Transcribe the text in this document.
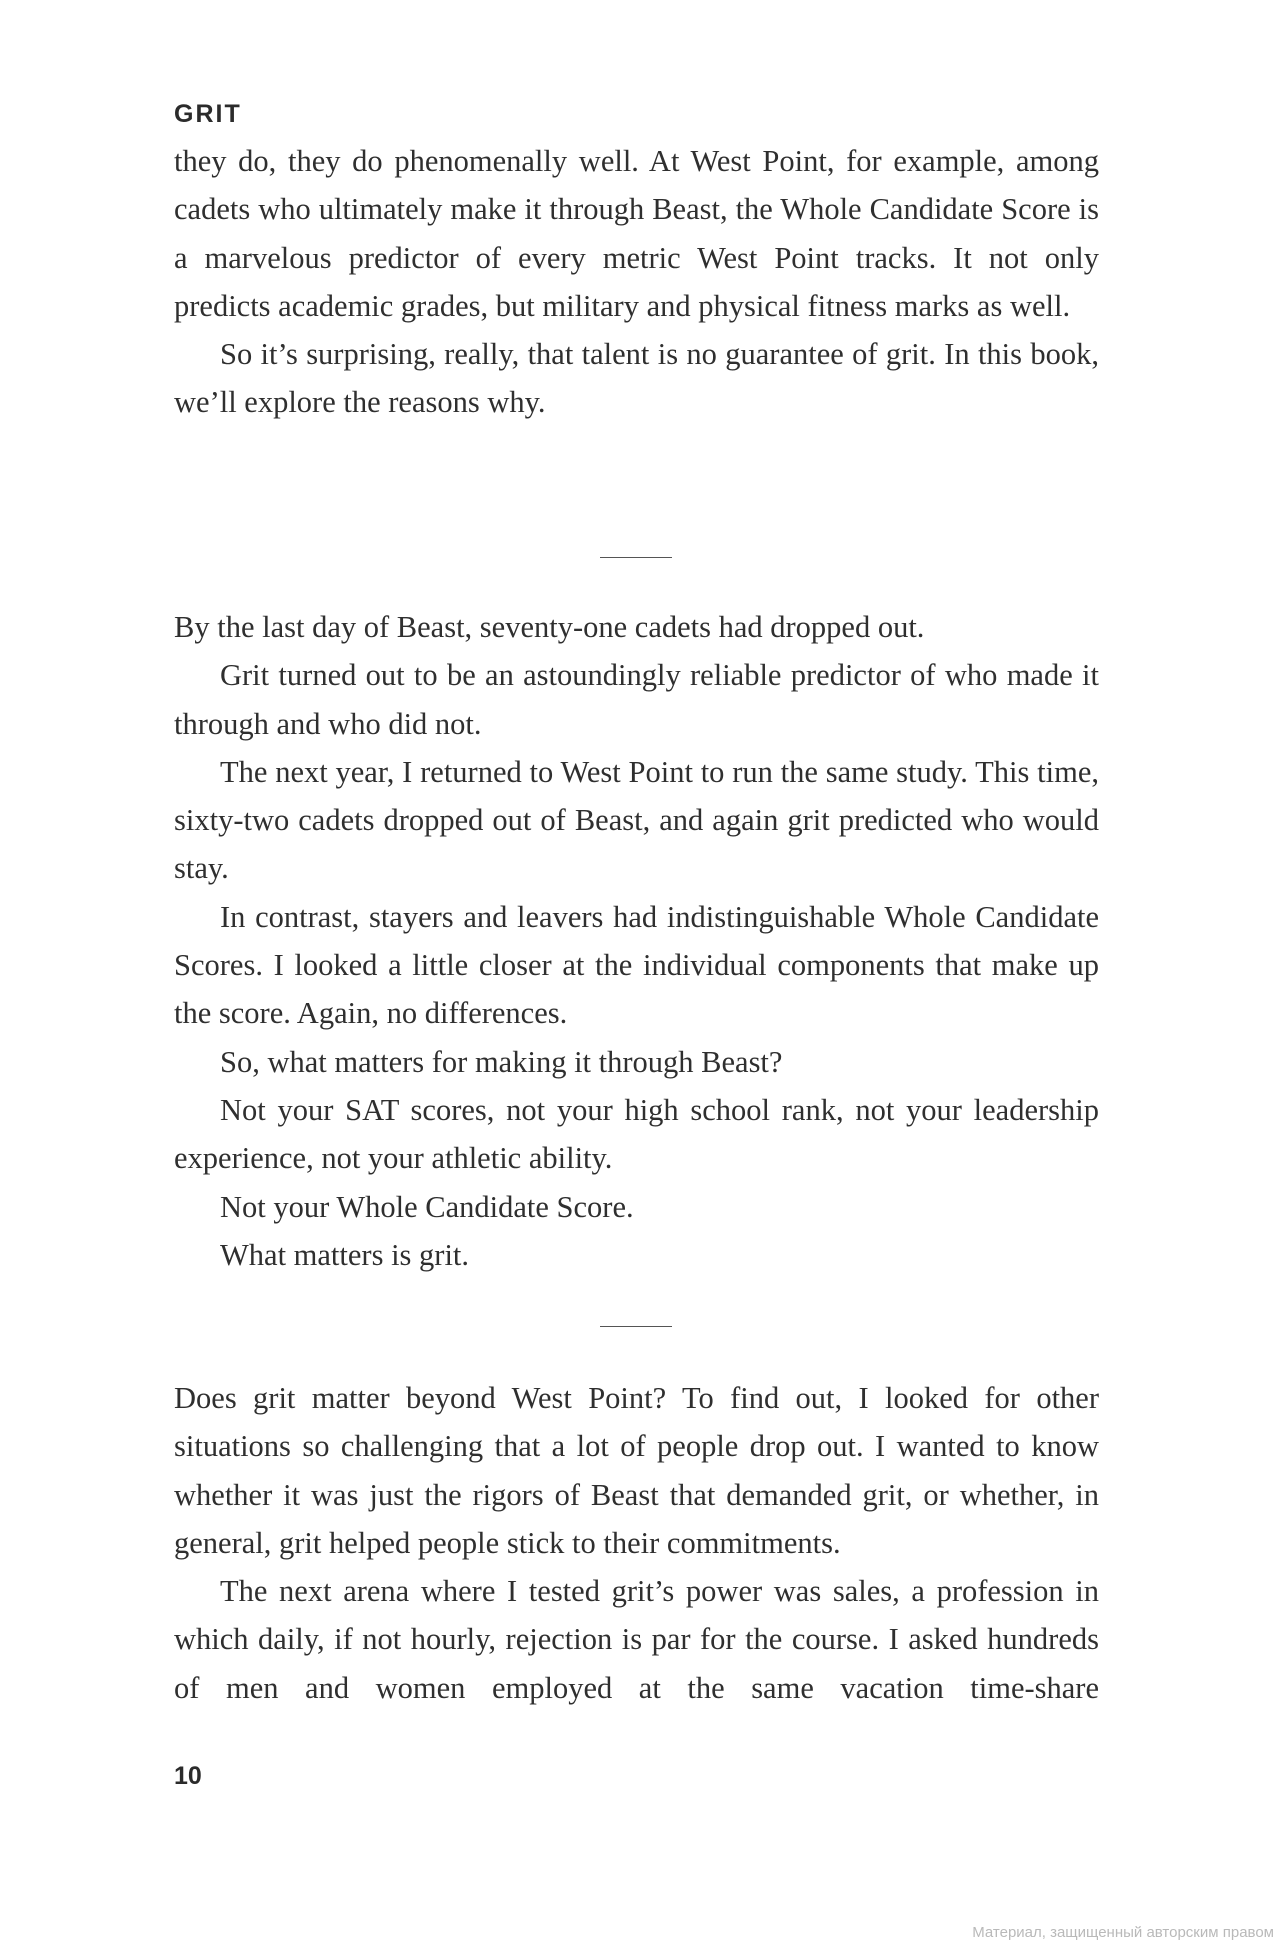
GRIT

they do, they do phenomenally well. At West Point, for example, among cadets who ultimately make it through Beast, the Whole Candidate Score is a marvelous predictor of every metric West Point tracks. It not only predicts academic grades, but military and physical fitness marks as well.

So it’s surprising, really, that talent is no guarantee of grit. In this book, we’ll explore the reasons why.

By the last day of Beast, seventy-one cadets had dropped out.

Grit turned out to be an astoundingly reliable predictor of who made it through and who did not.

The next year, I returned to West Point to run the same study. This time, sixty-two cadets dropped out of Beast, and again grit predicted who would stay.

In contrast, stayers and leavers had indistinguishable Whole Candidate Scores. I looked a little closer at the individual components that make up the score. Again, no differences.

So, what matters for making it through Beast?

Not your SAT scores, not your high school rank, not your leadership experience, not your athletic ability.

Not your Whole Candidate Score.

What matters is grit.

Does grit matter beyond West Point? To find out, I looked for other situations so challenging that a lot of people drop out. I wanted to know whether it was just the rigors of Beast that demanded grit, or whether, in general, grit helped people stick to their commitments.

The next arena where I tested grit’s power was sales, a profession in which daily, if not hourly, rejection is par for the course. I asked hundreds of men and women employed at the same vacation time-share

10
Материал, защищенный авторским правом
